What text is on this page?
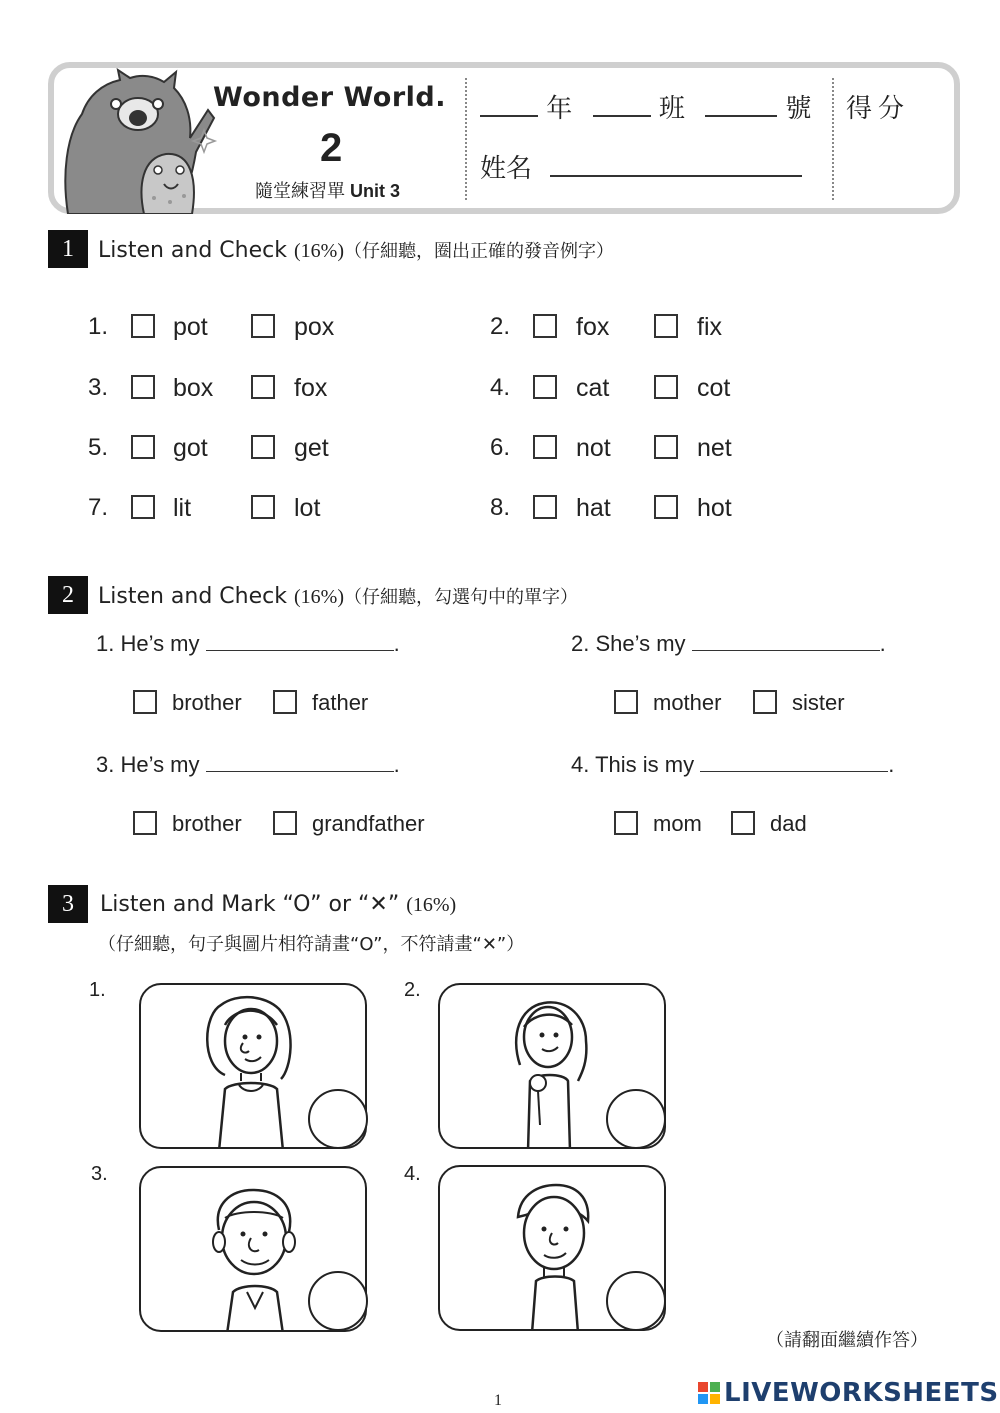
Wonder World.
2
隨堂練習單 Unit 3
年	班	號
姓名
得分
1	Listen and Check (16%)（仔細聽，圈出正確的發音例字）
1.	pot	pox	2.	fox	fix
3.	box	fox	4.	cat	cot
5.	got	get	6.	not	net
7.	lit	lot	8.	hat	hot
2	Listen and Check (16%)（仔細聽，勾選句中的單字）
1. He’s my	.
brother	father
2. She’s my	.
mother	sister
3. He’s my	.
brother	grandfather
4. This is my	.
mom	dad
3	Listen and Mark “O” or “✕” (16%)
（仔細聽，句子與圖片相符請畫“O”，不符請畫“✕”）
1.	2.
3.	4.
（請翻面繼續作答）
1	LIVEWORKSHEETS
